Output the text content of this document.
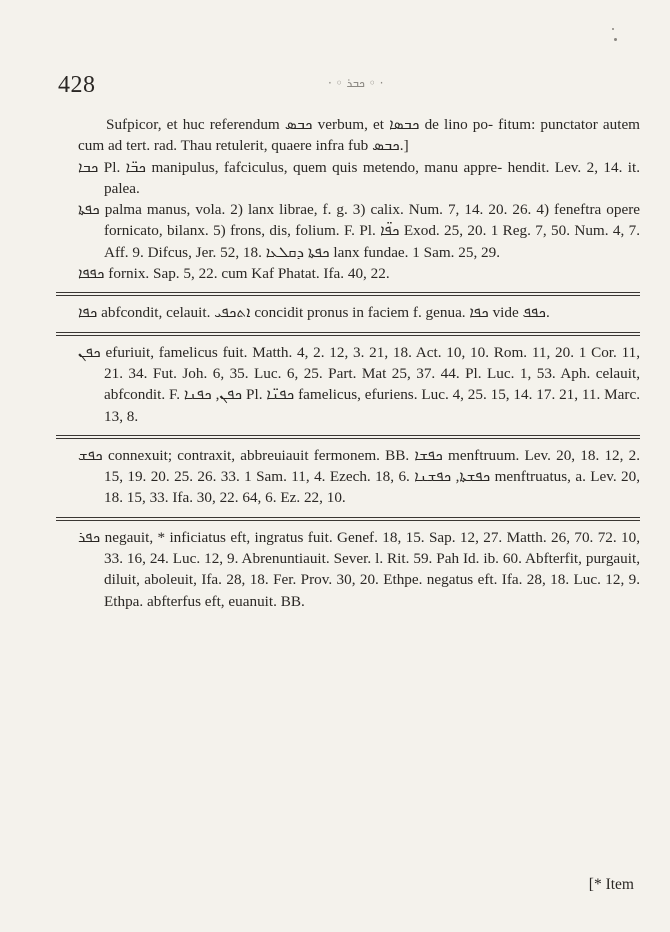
428	· ◦ ܟܒܪ ◦ ·
Sufpicor, et huc referendum ܟܒܣ verbum, et ܟܒܣܐ de lino po- fitum: punctator autem cum ad tert. rad. Thau retulerit, quaere infra fub ܟܒܣ.]
ܟܒܐ Pl. ܟܒ̈ܐ manipulus, fafciculus, quem quis metendo, manu appre- hendit. Lev. 2, 14. it. palea.
ܟܦܬܐ palma manus, vola. 2) lanx librae, f. g. 3) calix. Num. 7, 14. 20. 26. 4) feneftra opere fornicato, bilanx. 5) frons, dis, folium. F. Pl. ܟܦ̈ܐ Exod. 25, 20. 1 Reg. 7, 50. Num. 4, 7. Aff. 9. Difcus, Jer. 52, 18. ܟܦܬܐ ܕܩܠܥܐ lanx fundae. 1 Sam. 25, 29.
ܟܦܦܐ fornix. Sap. 5, 22. cum Kaf Phatat. Ifa. 40, 22.
ܟܦܐ abfcondit, celauit. ܐܬܟܦܝ concidit pronus in faciem f. genua. ܟܦܐ vide ܟܦܦ.
ܟܦܢ efuriuit, famelicus fuit. Matth. 4, 2. 12, 3. 21, 18. Act. 10, 10. Rom. 11, 20. 1 Cor. 11, 21. 34. Fut. Joh. 6, 35. Luc. 6, 25. Part. Mat 25, 37. 44. Pl. Luc. 1, 53. Aph. celauit, abfcondit. F. ܟܦܢ, ܟܦܢܐ Pl. ܟܦܢ̈ܐ famelicus, efuriens. Luc. 4, 25. 15, 14. 17. 21, 11. Marc. 13, 8.
ܟܦܫ connexuit; contraxit, abbreuiauit fermonem. BB. ܟܦܫܐ menftruum. Lev. 20, 18. 12, 2. 15, 19. 20. 25. 26. 33. 1 Sam. 11, 4. Ezech. 18, 6. ܟܦܫܬܐ, ܟܦܫܢܐ menftruatus, a. Lev. 20, 18. 15, 33. Ifa. 30, 22. 64, 6. Ez. 22, 10.
ܟܦܪ negauit, * inficiatus eft, ingratus fuit. Genef. 18, 15. Sap. 12, 27. Matth. 26, 70. 72. 10, 33. 16, 24. Luc. 12, 9. Abrenuntiauit. Sever. l. Rit. 59. Pah Id. ib. 60. Abfterfit, purgauit, diluit, aboleuit, Ifa. 28, 18. Fer. Prov. 30, 20. Ethpe. negatus eft. Ifa. 28, 18. Luc. 12, 9. Ethpa. abfterfus eft, euanuit. BB.
[* Item
